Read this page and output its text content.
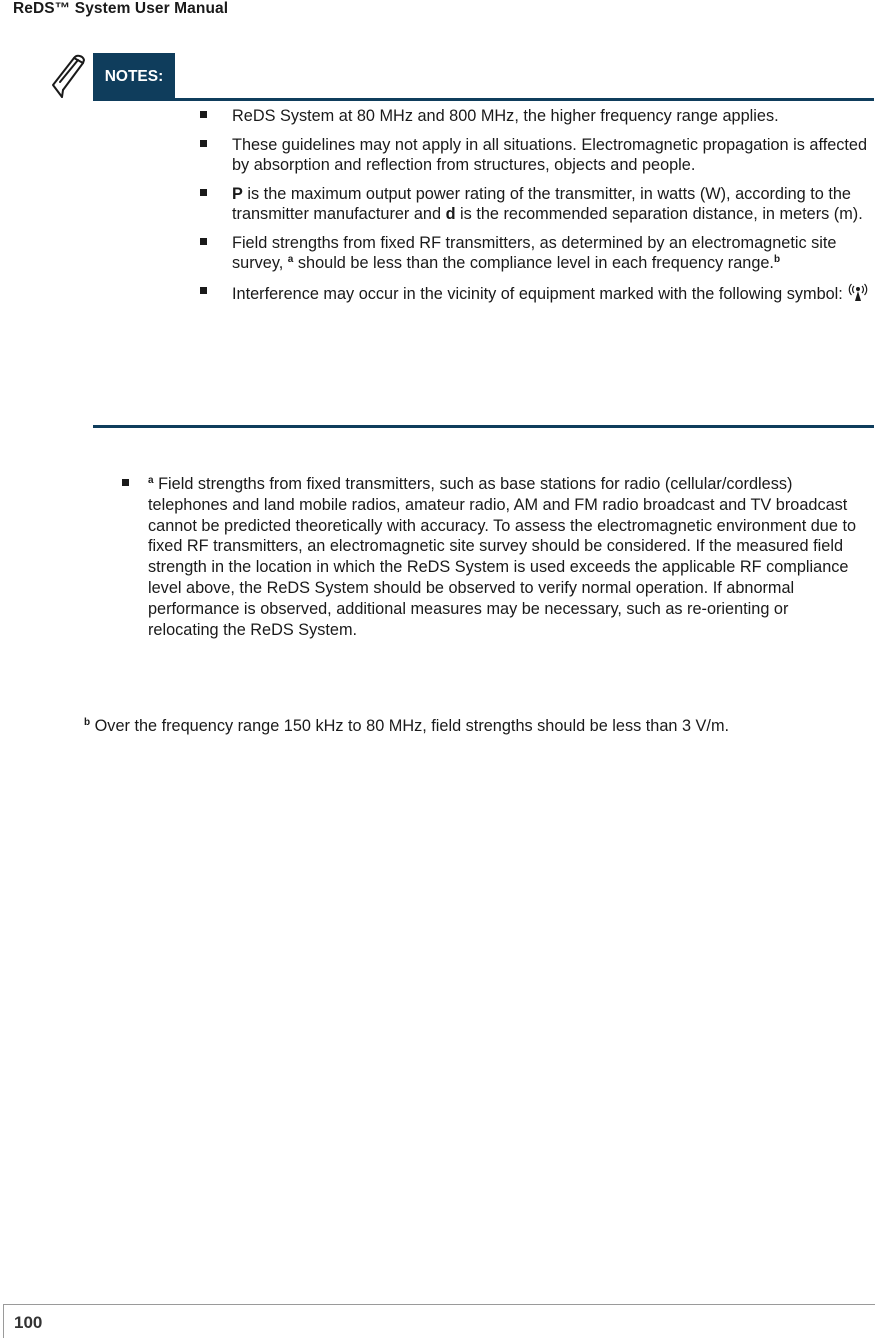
ReDS™ System User Manual
NOTES:
ReDS System at 80 MHz and 800 MHz, the higher frequency range applies.
These guidelines may not apply in all situations. Electromagnetic propagation is affected by absorption and reflection from structures, objects and people.
P is the maximum output power rating of the transmitter, in watts (W), according to the transmitter manufacturer and d is the recommended separation distance, in meters (m).
Field strengths from fixed RF transmitters, as determined by an electromagnetic site survey, $^a$ should be less than the compliance level in each frequency range.$^b$
Interference may occur in the vicinity of equipment marked with the following symbol:
$^a$ Field strengths from fixed transmitters, such as base stations for radio (cellular/cordless) telephones and land mobile radios, amateur radio, AM and FM radio broadcast and TV broadcast cannot be predicted theoretically with accuracy. To assess the electromagnetic environment due to fixed RF transmitters, an electromagnetic site survey should be considered. If the measured field strength in the location in which the ReDS System is used exceeds the applicable RF compliance level above, the ReDS System should be observed to verify normal operation. If abnormal performance is observed, additional measures may be necessary, such as re-orienting or relocating the ReDS System.
$^b$ Over the frequency range 150 kHz to 80 MHz, field strengths should be less than 3 V/m.
100
